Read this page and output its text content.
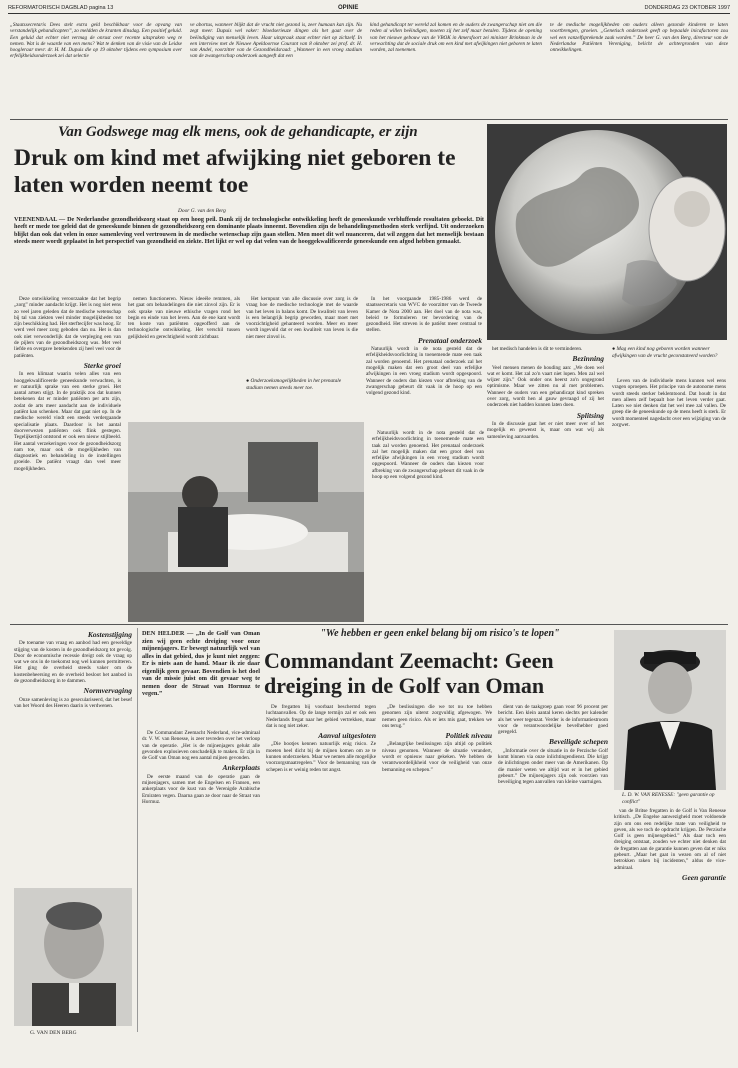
REFORMATORISCH DAGBLAD pagina 13	OPINIE	DONDERDAG 23 OKTOBER 1997
„Staatssecretaris Dees stelt extra geld beschikbaar voor de opvang van verstandelijk gehandicapten”, zo meldden de kranten dinsdag. Een positief geluid. Een geluid dat echter niet vermag de onrust over recente uitspraken weg te nemen. Wat is de waarde van een mens? Wat te denken van de visie van de Leidse hoogleraar mevr. dr. H. M. Dupuis die op 19 oktober tijdens een symposium over erfelijkheidsonderzoek zei dat selectie
ve abortus, wanneer blijkt dat de vrucht niet gezond is, zeer humaan kan zijn. Nu zegt meer. Dupuis wel vaker: bloedserieuze dingen als het gaat over de beëindiging van menselijk leven. Haar uitspraak staat echter niet op zichzelf. In een interview met de Nieuwe Apeldoornse Courant van 8 oktober zei prof. dr. H. van Andel, voorzitter van de Gezondheidsraad: „Wanneer in een vroeg stadium van de zwangerschap onderzoek aangeeft dat een
kind gehandicapt ter wereld zal komen en de ouders de zwangerschap niet om die reden al willen beëindigen, moeten zij het zelf maar betalen. Tijdens de opening van het nieuwe gebouw van de VBOK in Amersfoort zei minister Brinkman in de verwachting dat de sociale druk om een kind met afwijkingen niet geboren te laten worden, zal toenemen.
te de medische mogelijkheden om ouders alleen gezonde kinderen te laten voortbrengen, groeien. „Genetisch onderzoek geeft op bepaalde inicafactoren zou wel een vanzelfsprekende zaak worden.” De heer G. van den Berg, directeur van de Nederlandse Patiënten Vereniging, belicht de achtergronden van deze ontwikkelingen.
Van Godswege mag elk mens, ook de gehandicapte, er zijn
Druk om kind met afwijking niet geboren te laten worden neemt toe
Door G. van den Berg
VEENENDAAL — De Nederlandse gezondheidszorg staat op een hoog peil. Dank zij de technologische ontwikkeling heeft de geneeskunde verbluffende resultaten geboekt. Dit heeft er mede toe geleid dat de geneeskunde binnen de gezondheidszorg een dominante plaats inneemt. Bovendien zijn de behandelingsmethoden sterk verfijnd. Uit onderzoeken blijkt dan ook dat velen in onze samenleving veel vertrouwen in de medische wetenschap zijn gaan stellen. Men moet dit wel nuanceren, dat wil zeggen dat het menselijk bestaan steeds meer wordt geplaatst in het perspectief van gezondheid en ziekte. Het lijkt er wel op dat velen van de hooggekwalificeerde geneeskunde een afgod hebben gemaakt.

Deze ontwikkeling veroorzaakte dat het begrip „zorg” minder aandacht krijgt. Het is nog niet eens zo veel jaren geleden dat de medische wetenschap bij tal van ziekten veel minder mogelijkheden tot zijn beschikking had. Het sterftecijfer was hoog. Er werd veel meer zorg geboden dan nu. Het is dan ook niet verwonderlijk dat de verpleging een van de pijlers van de gezondheidszorg was. Met veel liefde en overgave betekenden zij heel veel voor de patiënten.

Sterke groei

In een klimaat waarin velen alles van een hooggekwalificeerde geneeskunde verwachten, is er natuurlijk sprake van een sterke groei. Het aantal artsen stijgt. In de praktijk zou dat kunnen betekenen dat er minder patiënten per arts zijn, zodat de arts meer aandacht aan de individuele patiënt kan schenken. Maar dat gaat niet op. In de medische wereld vindt een steeds verdergaande specialisatie plaats. Daardoor is het aantal doorverwezen patiënten ook flink gestegen. Tegelijkertijd ontstond er ook een nieuw stijlbeeld. Het aantal verzekeringen voor de gezondheidszorg nam toe, maar ook de mogelijkheden van diagnostiek en behandeling in de instellingen groeide. De patiënt vraagt dan veel meer mogelijkheden.

nemen functioneren. Nieuw ideeële remmen, als het gaat om behandelingen die niet zinvol zijn. Er is ook sprake van nieuwe ethische vragen rond het begin en einde van het leven. Aan de ene kant wordt ten koste van patiënten opgeofferd aan de technologische ontwikkeling. Het verschil tussen gelijkheid en gerechtigheid wordt zichtbaar.

● Onderzoeksmogelijkheden in het prenatale stadium nemen steeds meer toe.

Het kernpunt van alle discussie over zorg is de vraag hoe de medische technologie met de waarde van het leven in balans komt. De kwaliteit van leven is een belangrijk begrip geworden, maar moet met voorzichtigheid gehanteerd worden. Meer en meer wordt ingevuld dat er een kwaliteit van leven is die niet meer zinvol is.

In het voorgaande 1985-1986 werd de staatssecretaris van WVC de voorzitter van de Tweede Kamer de Nota 2000 aan. Het doel van de nota was, beleid te formuleren ter bevordering van de gezondheid. Het streven is de patiënt meer centraal te stellen.

Prenataal onderzoek

Natuurlijk wordt in de nota gesteld dat de erfelijkheidsvoorlichting in toenemende mate een taak zal worden genoemd. Het prenataal onderzoek zal het mogelijk maken dat een groot deel van erfelijke afwijkingen in een vroeg stadium wordt opgespoord. Wanneer de ouders dan kiezen voor afbreking van de zwangerschap gebeurt dit vaak in de hoop op een volgend gezond kind.

Natuurlijk wordt in de nota gesteld dat de erfelijkheidsvoorlichting in toenemende mate een taak zal worden genoemd. Het prenataal onderzoek zal het mogelijk maken dat een groot deel van erfelijke afwijkingen in een vroeg stadium wordt opgespoord. Wanneer de ouders dan kiezen voor afbreking van de zwangerschap gebeurt dit vaak in de hoop op een volgend gezond kind.

het medisch handelen is dit te verminderen.

Bezinning

Veel mensen menen de houding aan: „We doen wel wat er komt. Het zal zo'n vaart niet lopen. Men zal wel wijzer zijn.” Ook onder ons heerst zo'n ongegrond optimisme. Maar we zitten nu al met problemen. Wanneer de ouders van een gehandicapt kind spreken over zorg, wordt hen al gauw gevraagd of zij het onderzoek niet hadden kunnen laten doen.

Splitsing

In de discussie gaat het er niet meer over of het mogelijk en gewenst is, maar om wat wij als samenleving aanvaarden.

● Mag een kind nog geboren worden wanneer afwijkingen van de vrucht geconstateerd worden?

Leven van de individuele mens kunnen wel eens vragen oproepen. Het principe van de autonome mens wordt steeds sterker beklemtoond. Dat houdt in dat men alleen zelf bepaalt hoe het leven verder gaat. Laten we niet denken dat het wel mee zal vallen. De greep die de geneeskunde op de mens heeft is sterk. Er wordt momenteel nagedacht over een wijziging van de zorgwet.

Kostenstijging

De toename van vraag en aanbod had een geweldige stijging van de kosten in de gezondheidszorg tot gevolg. Door de economische recessie dreigt ook de vraag op wat we ons in de toekomst nog wel kunnen permitteren. Het ging de overheid steeds vaker om de kostenbeheersing en de overheid besloot het aanbod in de gezondheidszorg in te dammen.

Normvervaging

Onze samenleving is zo geseculariseerd, dat het besef van het Woord des Heeren daarin is verdwenen.

G. VAN DEN BERG
DEN HELDER — „In de Golf van Oman zien wij geen echte dreiging voor onze mijnenjagers. Er bewegt natuurlijk wel van alles in dat gebied, dus je kunt niet zeggen: Er is niets aan de hand. Maar ik zie daar eigenlijk geen gevaar. Bovendien is het doel van de missie juist om dit gevaar weg te nemen door de Straat van Hormuz te vegen.”
"We hebben er geen enkel belang bij om risico's te lopen"
Commandant Zeemacht: Geen dreiging in de Golf van Oman

De Commandant Zeemacht Nederland, vice-admiraal dr. V. W. van Renesse, is zeer tevreden over het verloop van de operatie. „Het is de mijnenjagers gelukt alle gevonden explosieven onschadelijk te maken. Er zijn in de Golf van Oman nog een aantal mijnen gevonden.

Ankerplaats

De eerste maand van de operatie gaan de mijnenjagers, samen met de Engelsen en Fransen, een ankerplaats voor de kust van de Verenigde Arabische Emiraten vegen. Daarna gaan ze door naar de Straat van Hormuz.

De fregatten bij voorbaat beschermd tegen luchtaanvallen. Op de lange termijn zal er ook een Nederlands fregat naar het gebied vertrekken, maar dat is nog niet zeker.

Aanval uitgesloten

„Die bootjes kennen natuurlijk enig risico. Ze moeten heel dicht bij de mijnen komen om ze te kunnen onderzoeken. Maar we nemen alle mogelijke voorzorgsmaatregelen.” Voor de bemanning van de schepen is er weinig reden tot angst.

„De beslissingen die we tot nu toe hebben genomen zijn uiterst zorgvuldig afgewogen. We nemen geen risico. Als er iets mis gaat, trekken we ons terug.”

Politiek niveau

„Belangrijke beslissingen zijn altijd op politiek niveau genomen. Wanneer de situatie verandert, wordt er opnieuw naar gekeken. We hebben de verantwoordelijkheid voor de veiligheid van onze bemanning en schepen.”

dient van de taakgroep gaan voor 96 procent per bericht. Een klein aantal keren slechts per kalender als het weer tegenzat. Verder is de informatiestroom voor de verantwoordelijke bevelhebber goed geregeld.

Beveiligde schepen

„Informatie over de situatie in de Perzische Golf komt binnen via onze inlichtingendienst. Die krijgt de inlichtingen onder meer van de Amerikanen. Op die manier weten we altijd wat er in het gebied gebeurt.” De mijnenjagers zijn ook voorzien van beveiliging tegen aanvallen van kleine vaartuigen.

L. D. W. VAN RENESSE: "geen garantie op conflict"

van de Britse fregatten in de Golf is Van Renesse kritisch. „De Engelse aanwezigheid moet voldoende zijn om ons een redelijke mate van veiligheid te geven, als we toch de opdracht krijgen. De Perzische Golf is geen mijnengebied.” Als daar toch een dreiging ontstaat, zouden we echter niet denken dat de fregatten aan de garantie kunnen geven dat er niks gebeurt. „Maar het gaat in wezen om al of niet betrokken raken bij incidenten,” aldus de vice-admiraal.

Geen garantie
